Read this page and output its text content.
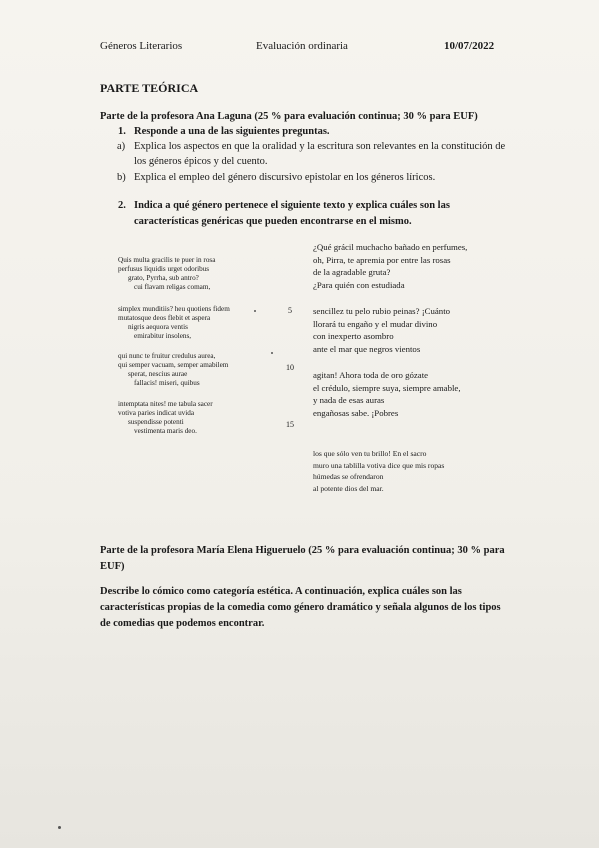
Géneros Literarios	Evaluación ordinaria	10/07/2022
PARTE TEÓRICA
Parte de la profesora Ana Laguna (25 % para evaluación continua; 30 % para EUF)
1. Responde a una de las siguientes preguntas.
a) Explica los aspectos en que la oralidad y la escritura son relevantes en la constitución de
los géneros épicos y del cuento.
b) Explica el empleo del género discursivo epistolar en los géneros líricos.
2. Indica a qué género pertenece el siguiente texto y explica cuáles son las
características genéricas que pueden encontrarse en el mismo.
Quis multa gracilis te puer in rosa
perfusus liquidis urget odoribus
grato, Pyrrha, sub antro?
cui flavam religas comam,
simplex munditiis? heu quotiens fidem
mutatosque deos flebit et aspera
nigris aequora ventis
emirabitur insolens,
qui nunc te fruitur credulus aurea,
qui semper vacuam, semper amabilem
sperat, nescius aurae
fallacis! miseri, quibus
intemptata nites! me tabula sacer
votiva paries indicat uvida
suspendisse potenti
vestimenta maris deo.
5
10
15
¿Qué grácil muchacho bañado en perfumes,
oh, Pirra, te apremia por entre las rosas
de la agradable gruta?
¿Para quién con estudiada
sencillez tu pelo rubio peinas? ¡Cuánto
llorará tu engaño y el mudar divino
con inexperto asombro
ante el mar que negros vientos
agitan! Ahora toda de oro gózate
el crédulo, siempre suya, siempre amable,
y nada de esas auras
engañosas sabe. ¡Pobres
los que sólo ven tu brillo! En el sacro
muro una tablilla votiva dice que mis ropas
húmedas se ofrendaron
al potente dios del mar.
Parte de la profesora María Elena Higueruelo (25 % para evaluación continua; 30 % para
EUF)
Describe lo cómico como categoría estética. A continuación, explica cuáles son las
características propias de la comedia como género dramático y señala algunos de los tipos
de comedias que podemos encontrar.
